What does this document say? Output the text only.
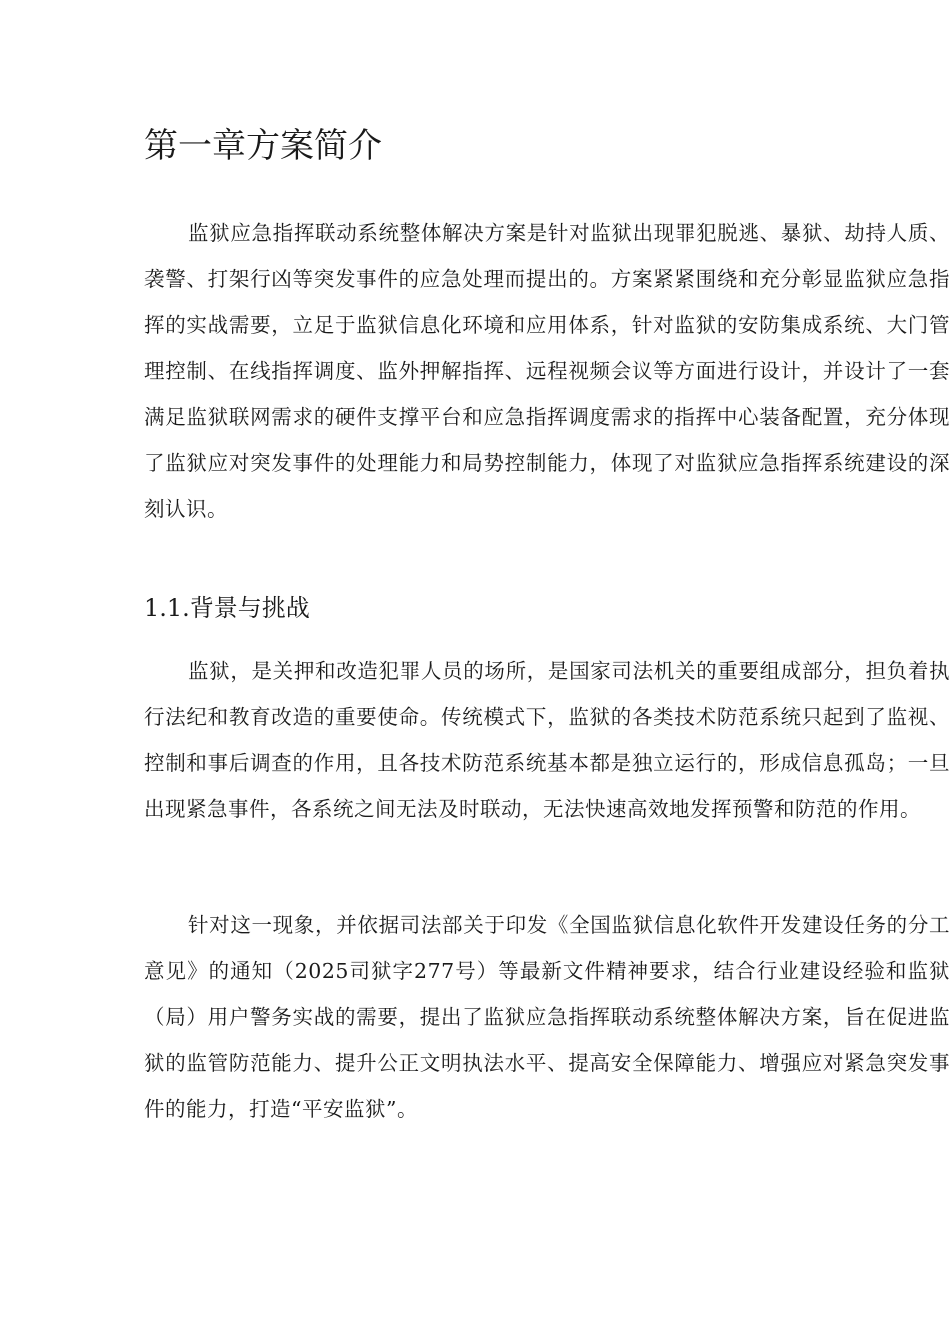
第一章方案简介

监狱应急指挥联动系统整体解决方案是针对监狱出现罪犯脱逃、暴狱、劫持人质、袭警、打架行凶等突发事件的应急处理而提出的。方案紧紧围绕和充分彰显监狱应急指挥的实战需要，立足于监狱信息化环境和应用体系，针对监狱的安防集成系统、大门管理控制、在线指挥调度、监外押解指挥、远程视频会议等方面进行设计，并设计了一套满足监狱联网需求的硬件支撑平台和应急指挥调度需求的指挥中心装备配置，充分体现了监狱应对突发事件的处理能力和局势控制能力，体现了对监狱应急指挥系统建设的深刻认识。

1.1.背景与挑战

监狱，是关押和改造犯罪人员的场所，是国家司法机关的重要组成部分，担负着执行法纪和教育改造的重要使命。传统模式下，监狱的各类技术防范系统只起到了监视、控制和事后调查的作用，且各技术防范系统基本都是独立运行的，形成信息孤岛；一旦出现紧急事件，各系统之间无法及时联动，无法快速高效地发挥预警和防范的作用。

针对这一现象，并依据司法部关于印发《全国监狱信息化软件开发建设任务的分工意见》的通知（2025司狱字277号）等最新文件精神要求，结合行业建设经验和监狱（局）用户警务实战的需要，提出了监狱应急指挥联动系统整体解决方案，旨在促进监狱的监管防范能力、提升公正文明执法水平、提高安全保障能力、增强应对紧急突发事件的能力，打造“平安监狱”。
